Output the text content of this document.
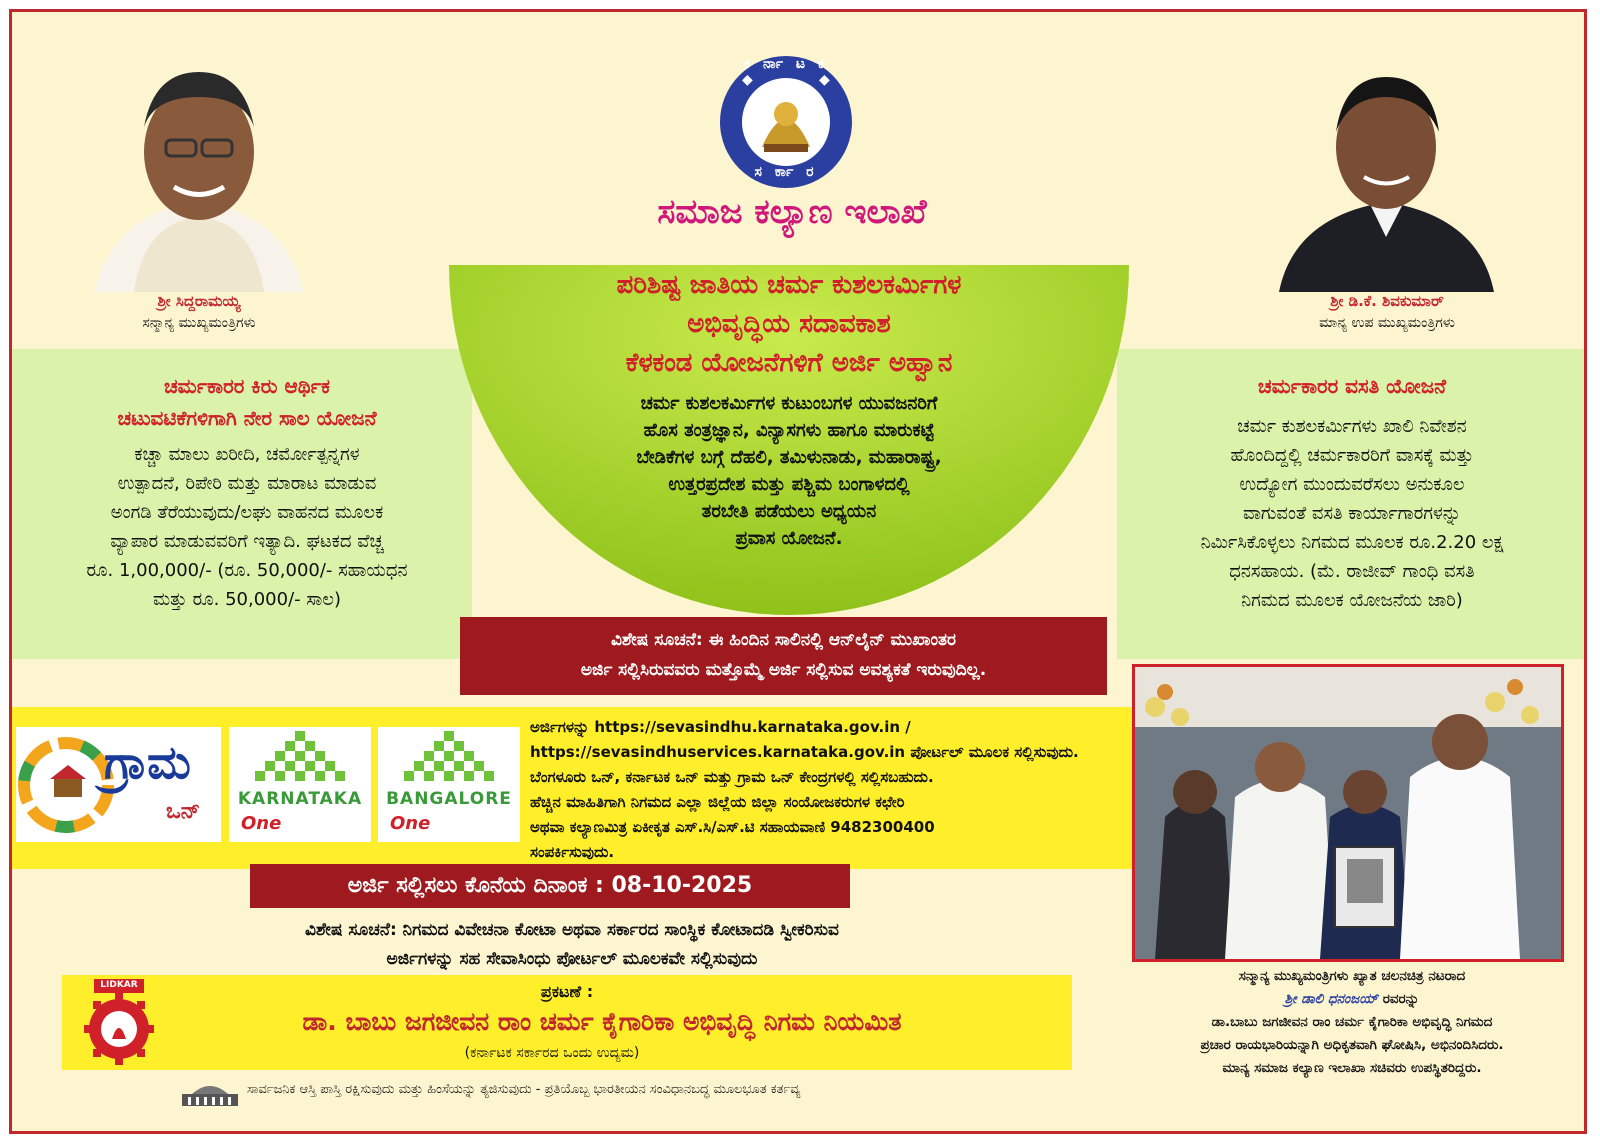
ಶ್ರೀ ಸಿದ್ದರಾಮಯ್ಯ
ಸನ್ಮಾನ್ಯ ಮುಖ್ಯಮಂತ್ರಿಗಳು
ಶ್ರೀ ಡಿ.ಕೆ. ಶಿವಕುಮಾರ್
ಮಾನ್ಯ ಉಪ ಮುಖ್ಯಮಂತ್ರಿಗಳು
◆	◆
ಕ ರ್ನಾ ಟ ಕ
ಸ ರ್ಕಾ ರ
ಸಮಾಜ ಕಲ್ಯಾಣ ಇಲಾಖೆ
ಪರಿಶಿಷ್ಟ ಜಾತಿಯ ಚರ್ಮ ಕುಶಲಕರ್ಮಿಗಳ
ಅಭಿವೃದ್ಧಿಯ ಸದಾವಕಾಶ
ಕೆಳಕಂಡ ಯೋಜನೆಗಳಿಗೆ ಅರ್ಜಿ ಅಹ್ವಾನ
ಚರ್ಮ ಕುಶಲಕರ್ಮಿಗಳ ಕುಟುಂಬಗಳ ಯುವಜನರಿಗೆ
ಹೊಸ ತಂತ್ರಜ್ಞಾನ, ವಿನ್ಯಾಸಗಳು ಹಾಗೂ ಮಾರುಕಟ್ಟೆ
ಬೇಡಿಕೆಗಳ ಬಗ್ಗೆ ದೆಹಲಿ, ತಮಿಳುನಾಡು, ಮಹಾರಾಷ್ಟ್ರ,
ಉತ್ತರಪ್ರದೇಶ ಮತ್ತು ಪಶ್ಚಿಮ ಬಂಗಾಳದಲ್ಲಿ
ತರಬೇತಿ ಪಡೆಯಲು ಅಧ್ಯಯನ
ಪ್ರವಾಸ ಯೋಜನೆ.
ಚರ್ಮಕಾರರ ಕಿರು ಆರ್ಥಿಕ
ಚಟುವಟಿಕೆಗಳಿಗಾಗಿ ನೇರ ಸಾಲ ಯೋಜನೆ
ಕಚ್ಚಾ ಮಾಲು ಖರೀದಿ, ಚರ್ಮೋತ್ಪನ್ನಗಳ
ಉತ್ಪಾದನೆ, ರಿಪೇರಿ ಮತ್ತು ಮಾರಾಟ ಮಾಡುವ
ಅಂಗಡಿ ತೆರೆಯುವುದು/ಲಘು ವಾಹನದ ಮೂಲಕ
ವ್ಯಾಪಾರ ಮಾಡುವವರಿಗೆ ಇತ್ಯಾದಿ. ಘಟಕದ ವೆಚ್ಚ
ರೂ. 1,00,000/- (ರೂ. 50,000/- ಸಹಾಯಧನ
ಮತ್ತು ರೂ. 50,000/- ಸಾಲ)
ಚರ್ಮಕಾರರ ವಸತಿ ಯೋಜನೆ
ಚರ್ಮ ಕುಶಲಕರ್ಮಿಗಳು ಖಾಲಿ ನಿವೇಶನ
ಹೊಂದಿದ್ದಲ್ಲಿ ಚರ್ಮಕಾರರಿಗೆ ವಾಸಕ್ಕೆ ಮತ್ತು
ಉದ್ಯೋಗ ಮುಂದುವರೆಸಲು ಅನುಕೂಲ
ವಾಗುವಂತೆ ವಸತಿ ಕಾರ್ಯಾಗಾರಗಳನ್ನು
ನಿರ್ಮಿಸಿಕೊಳ್ಳಲು ನಿಗಮದ ಮೂಲಕ ರೂ.2.20 ಲಕ್ಷ
ಧನಸಹಾಯ. (ಮೆ. ರಾಜೀವ್ ಗಾಂಧಿ ವಸತಿ
ನಿಗಮದ ಮೂಲಕ ಯೋಜನೆಯ ಜಾರಿ)
ವಿಶೇಷ ಸೂಚನೆ: ಈ ಹಿಂದಿನ ಸಾಲಿನಲ್ಲಿ ಆನ್‌ಲೈನ್ ಮುಖಾಂತರ
ಅರ್ಜಿ ಸಲ್ಲಿಸಿರುವವರು ಮತ್ತೊಮ್ಮೆ ಅರ್ಜಿ ಸಲ್ಲಿಸುವ ಅವಶ್ಯಕತೆ ಇರುವುದಿಲ್ಲ.
ಗ್ರಾಮ
ಒನ್	KARNATAKA
One
BANGALORE
One
ಅರ್ಜಿಗಳನ್ನು https://sevasindhu.karnataka.gov.in /
https://sevasindhuservices.karnataka.gov.in ಪೋರ್ಟಲ್ ಮೂಲಕ ಸಲ್ಲಿಸುವುದು.
ಬೆಂಗಳೂರು ಒನ್, ಕರ್ನಾಟಕ ಒನ್ ಮತ್ತು ಗ್ರಾಮ ಒನ್ ಕೇಂದ್ರಗಳಲ್ಲಿ ಸಲ್ಲಿಸಬಹುದು.
ಹೆಚ್ಚಿನ ಮಾಹಿತಿಗಾಗಿ ನಿಗಮದ ಎಲ್ಲಾ ಜಿಲ್ಲೆಯ ಜಿಲ್ಲಾ ಸಂಯೋಜಕರುಗಳ ಕಛೇರಿ
ಅಥವಾ ಕಲ್ಯಾಣಮಿತ್ರ ಏಕೀಕೃತ ಎಸ್.ಸಿ/ಎಸ್.ಟಿ ಸಹಾಯವಾಣಿ 9482300400
ಸಂಪರ್ಕಿಸುವುದು.
ಅರ್ಜಿ ಸಲ್ಲಿಸಲು ಕೊನೆಯ ದಿನಾಂಕ : 08-10-2025
ವಿಶೇಷ ಸೂಚನೆ: ನಿಗಮದ ವಿವೇಚನಾ ಕೋಟಾ ಅಥವಾ ಸರ್ಕಾರದ ಸಾಂಸ್ಥಿಕ ಕೋಟಾದಡಿ ಸ್ವೀಕರಿಸುವ
ಅರ್ಜಿಗಳನ್ನು ಸಹ ಸೇವಾಸಿಂಧು ಪೋರ್ಟಲ್ ಮೂಲಕವೇ ಸಲ್ಲಿಸುವುದು
LIDKAR	ಪ್ರಕಟಣೆ :
ಡಾ. ಬಾಬು ಜಗಜೀವನ ರಾಂ ಚರ್ಮ ಕೈಗಾರಿಕಾ ಅಭಿವೃದ್ಧಿ ನಿಗಮ ನಿಯಮಿತ
(ಕರ್ನಾಟಕ ಸರ್ಕಾರದ ಒಂದು ಉದ್ಯಮ)
ಸಾರ್ವಜನಿಕ ಆಸ್ತಿ ಪಾಸ್ತಿ ರಕ್ಷಿಸುವುದು ಮತ್ತು ಹಿಂಸೆಯನ್ನು ತ್ಯಜಿಸುವುದು - ಪ್ರತಿಯೊಬ್ಬ ಭಾರತೀಯನ ಸಂವಿಧಾನಬದ್ಧ ಮೂಲಭೂತ ಕರ್ತವ್ಯ
ಸನ್ಮಾನ್ಯ ಮುಖ್ಯಮಂತ್ರಿಗಳು ಖ್ಯಾತ ಚಲನಚಿತ್ರ ನಟರಾದ
ಶ್ರೀ ಡಾಲಿ ಧನಂಜಯ್ ರವರನ್ನು
ಡಾ.ಬಾಬು ಜಗಜೀವನ ರಾಂ ಚರ್ಮ ಕೈಗಾರಿಕಾ ಅಭಿವೃದ್ಧಿ ನಿಗಮದ
ಪ್ರಚಾರ ರಾಯಭಾರಿಯನ್ನಾಗಿ ಅಧಿಕೃತವಾಗಿ ಘೋಷಿಸಿ, ಅಭಿನಂದಿಸಿದರು.
ಮಾನ್ಯ ಸಮಾಜ ಕಲ್ಯಾಣ ಇಲಾಖಾ ಸಚಿವರು ಉಪಸ್ಥಿತರಿದ್ದರು.
